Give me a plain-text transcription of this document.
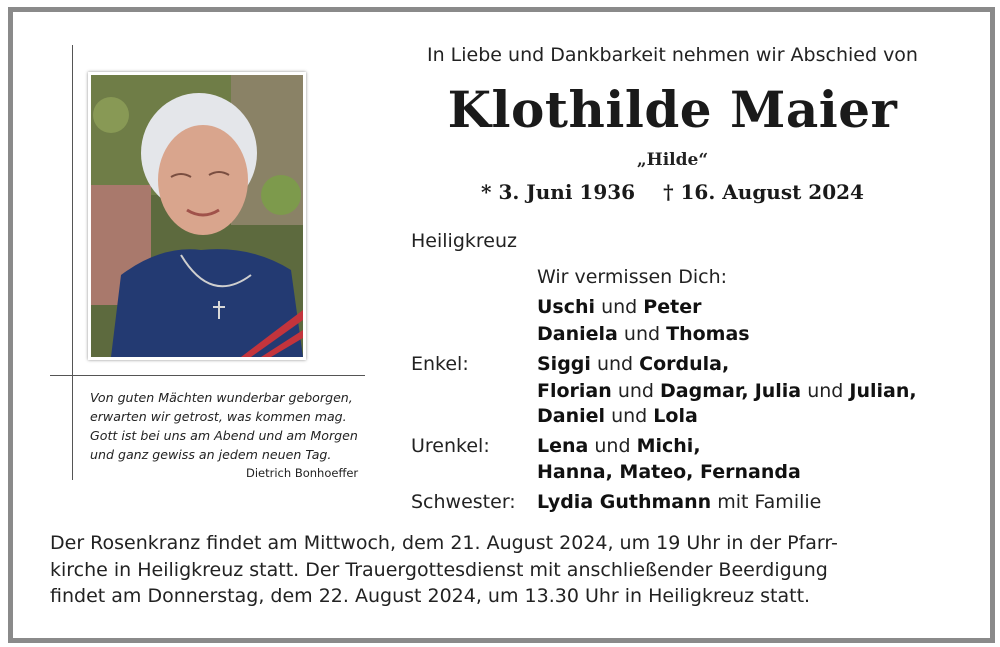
Von guten Mächten wunderbar geborgen,
erwarten wir getrost, was kommen mag.
Gott ist bei uns am Abend und am Morgen
und ganz gewiss an jedem neuen Tag.
Dietrich Bonhoeffer
In Liebe und Dankbarkeit nehmen wir Abschied von
Klothilde Maier
„Hilde“
* 3. Juni 1936 † 16. August 2024
Heiligkreuz
Wir vermissen Dich:
Uschi und Peter
Daniela und Thomas
Enkel:	Siggi und Cordula,
Florian und Dagmar, Julia und Julian,
Daniel und Lola
Urenkel: Lena und Michi,
Hanna, Mateo, Fernanda
Schwester: Lydia Guthmann mit Familie
Der Rosenkranz findet am Mittwoch, dem 21. August 2024, um 19 Uhr in der Pfarr-
kirche in Heiligkreuz statt. Der Trauergottesdienst mit anschließender Beerdigung
findet am Donnerstag, dem 22. August 2024, um 13.30 Uhr in Heiligkreuz statt.
